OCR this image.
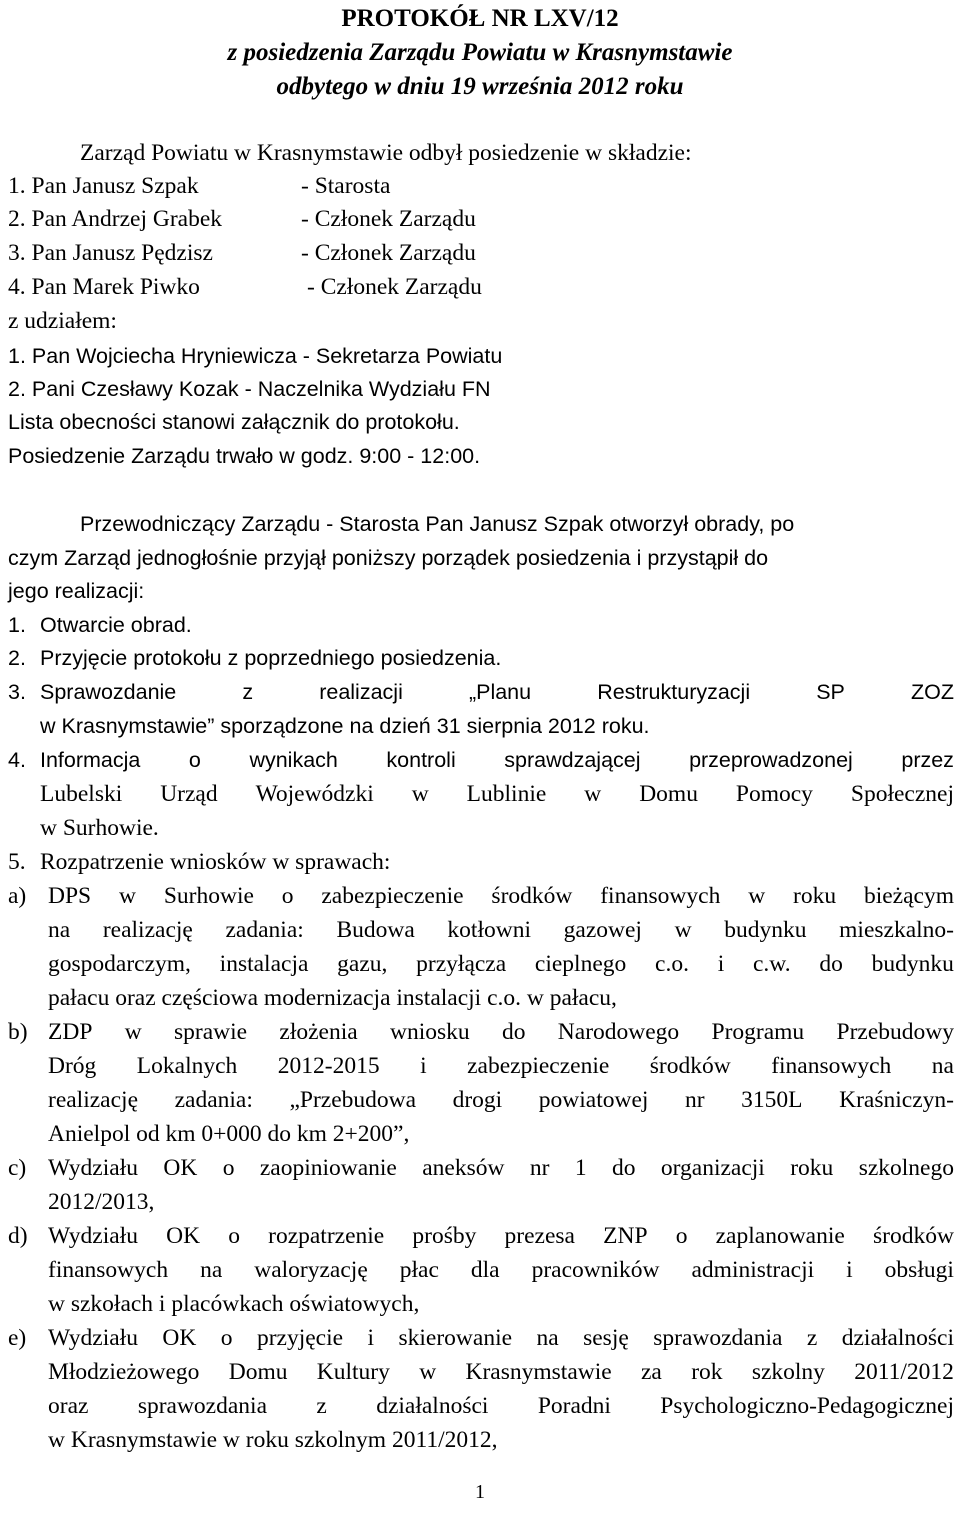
PROTOKÓŁ NR LXV/12
z posiedzenia Zarządu Powiatu w Krasnymstawie
odbytego w dniu 19 września 2012 roku
Zarząd Powiatu w Krasnymstawie odbył posiedzenie w składzie:
1. Pan Janusz Szpak	- Starosta
2. Pan Andrzej Grabek	- Członek Zarządu
3. Pan Janusz Pędzisz	- Członek Zarządu
4. Pan Marek Piwko	- Członek Zarządu
z udziałem:
1. Pan Wojciecha Hryniewicza - Sekretarza Powiatu
2. Pani Czesławy Kozak - Naczelnika Wydziału FN
Lista obecności stanowi załącznik do protokołu.
Posiedzenie Zarządu trwało w godz. 9:00 - 12:00.
Przewodniczący Zarządu - Starosta Pan Janusz Szpak otworzył obrady, po
czym Zarząd jednogłośnie przyjął poniższy porządek posiedzenia i przystąpił do
jego realizacji:
1. Otwarcie obrad.
2. Przyjęcie protokołu z poprzedniego posiedzenia.
3. Sprawozdanie	z	realizacji	„Planu	Restrukturyzacji	SP	ZOZ
w Krasnymstawie” sporządzone na dzień 31 sierpnia 2012 roku.
4. Informacja o wynikach kontroli sprawdzającej przeprowadzonej przez
Lubelski Urząd Wojewódzki w Lublinie w Domu Pomocy Społecznej
w Surhowie.
5. Rozpatrzenie wniosków w sprawach:
a) DPS w Surhowie o zabezpieczenie środków finansowych w roku bieżącym
na realizację zadania: Budowa kotłowni gazowej w budynku mieszkalno-
gospodarczym, instalacja gazu, przyłącza cieplnego c.o. i c.w. do budynku
pałacu oraz częściowa modernizacja instalacji c.o. w pałacu,
b) ZDP w sprawie złożenia wniosku do Narodowego Programu Przebudowy
Dróg Lokalnych 2012-2015 i zabezpieczenie środków finansowych na
realizację zadania: „Przebudowa drogi powiatowej nr 3150L Kraśniczyn-
Anielpol od km 0+000 do km 2+200”,
c) Wydziału OK o zaopiniowanie aneksów nr 1 do organizacji roku szkolnego
2012/2013,
d) Wydziału OK o rozpatrzenie prośby prezesa ZNP o zaplanowanie środków
finansowych na waloryzację płac dla pracowników administracji i obsługi
w szkołach i placówkach oświatowych,
e) Wydziału OK o przyjęcie i skierowanie na sesję sprawozdania z działalności
Młodzieżowego Domu Kultury w Krasnymstawie za rok szkolny 2011/2012
oraz sprawozdania z działalności Poradni Psychologiczno-Pedagogicznej
w Krasnymstawie w roku szkolnym 2011/2012,
1
